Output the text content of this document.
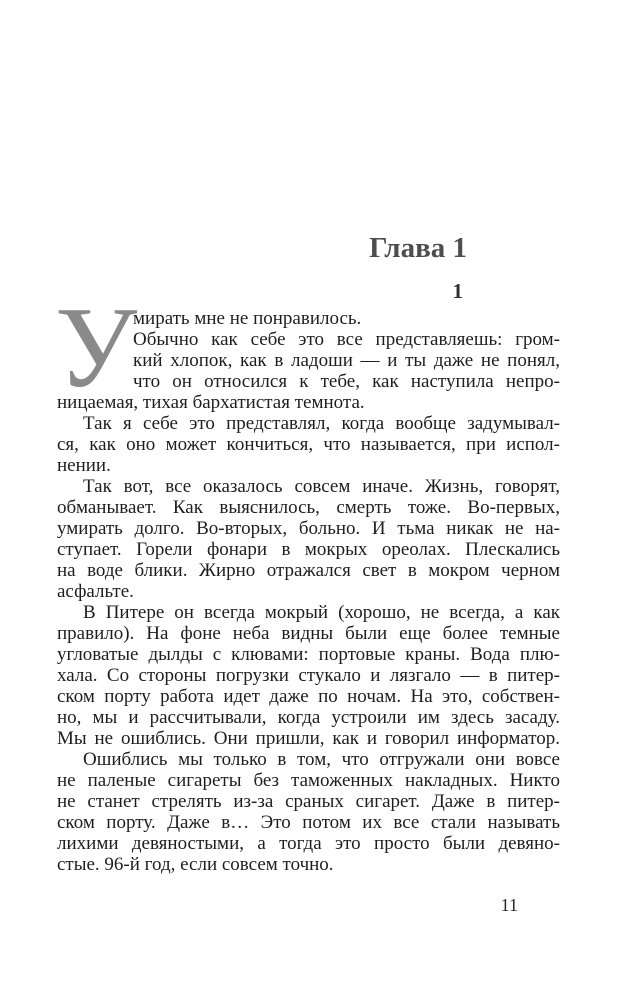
Глава 1
1
У
мирать мне не понравилось.
Обычно как себе это все представляешь: гром-
кий хлопок, как в ладоши — и ты даже не понял,
что он относился к тебе, как наступила непро-
ницаемая, тихая бархатистая темнота.
Так я себе это представлял, когда вообще задумывал-
ся, как оно может кончиться, что называется, при испол-
нении.
Так вот, все оказалось совсем иначе. Жизнь, говорят,
обманывает. Как выяснилось, смерть тоже. Во-первых,
умирать долго. Во-вторых, больно. И тьма никак не на-
ступает. Горели фонари в мокрых ореолах. Плескались
на воде блики. Жирно отражался свет в мокром черном
асфальте.
В Питере он всегда мокрый (хорошо, не всегда, а как
правило). На фоне неба видны были еще более темные
угловатые дылды с клювами: портовые краны. Вода плю-
хала. Со стороны погрузки стукало и лязгало — в питер-
ском порту работа идет даже по ночам. На это, собствен-
но, мы и рассчитывали, когда устроили им здесь засаду.
Мы не ошиблись. Они пришли, как и говорил информатор.
Ошиблись мы только в том, что отгружали они вовсе
не паленые сигареты без таможенных накладных. Никто
не станет стрелять из-за сраных сигарет. Даже в питер-
ском порту. Даже в… Это потом их все стали называть
лихими девяностыми, а тогда это просто были девяно-
стые. 96-й год, если совсем точно.
11
